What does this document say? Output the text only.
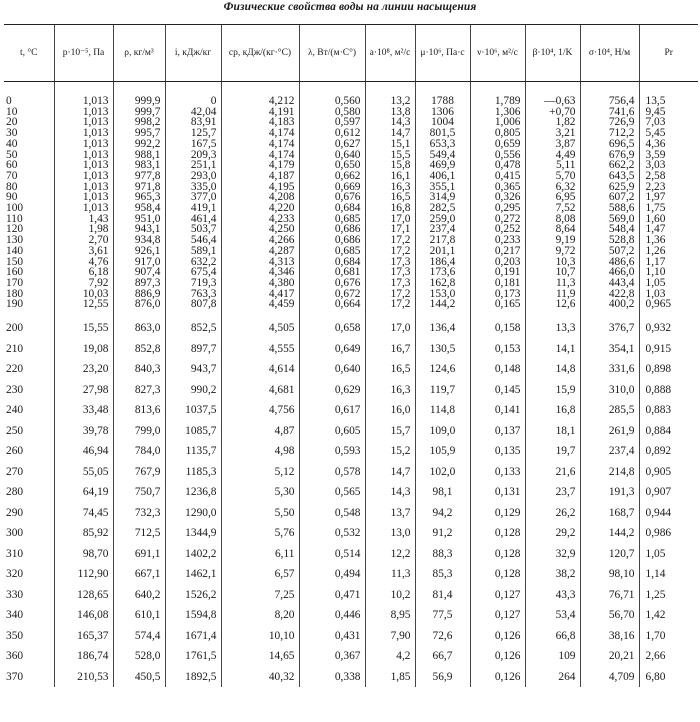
Физические свойства воды на линии насыщения
t, °C	p·10⁻⁵, Па	ρ, кг/м³	i, кДж/кг	cp, кДж/(кг·°С)	λ, Вт/(м·С°)	a·10⁸, м²/с	μ·10⁶, Па·с	ν·10⁶, м²/с	β·10⁴, 1/K	σ·10⁴, Н/м	Pr

0	1,013	999,9	0	4,212	0,560	13,2	1788	1,789	—0,63	756,4	13,5
10	1,013	999,7	42,04	4,191	0,580	13,8	1306	1,306	+0,70	741,6	9,45
20	1,013	998,2	83,91	4,183	0,597	14,3	1004	1,006	1,82	726,9	7,03
30	1,013	995,7	125,7	4,174	0,612	14,7	801,5	0,805	3,21	712,2	5,45
40	1,013	992,2	167,5	4,174	0,627	15,1	653,3	0,659	3,87	696,5	4,36
50	1,013	988,1	209,3	4,174	0,640	15,5	549,4	0,556	4,49	676,9	3,59
60	1,013	983,1	251,1	4,179	0,650	15,8	469,9	0,478	5,11	662,2	3,03
70	1,013	977,8	293,0	4,187	0,662	16,1	406,1	0,415	5,70	643,5	2,58
80	1,013	971,8	335,0	4,195	0,669	16,3	355,1	0,365	6,32	625,9	2,23
90	1,013	965,3	377,0	4,208	0,676	16,5	314,9	0,326	6,95	607,2	1,97
100	1,013	958,4	419,1	4,220	0,684	16,8	282,5	0,295	7,52	588,6	1,75
110	1,43	951,0	461,4	4,233	0,685	17,0	259,0	0,272	8,08	569,0	1,60
120	1,98	943,1	503,7	4,250	0,686	17,1	237,4	0,252	8,64	548,4	1,47
130	2,70	934,8	546,4	4,266	0,686	17,2	217,8	0,233	9,19	528,8	1,36
140	3,61	926,1	589,1	4,287	0,685	17,2	201,1	0,217	9,72	507,2	1,26
150	4,76	917,0	632,2	4,313	0,684	17,3	186,4	0,203	10,3	486,6	1,17
160	6,18	907,4	675,4	4,346	0,681	17,3	173,6	0,191	10,7	466,0	1,10
170	7,92	897,3	719,3	4,380	0,676	17,3	162,8	0,181	11,3	443,4	1,05
180	10,03	886,9	763,3	4,417	0,672	17,2	153,0	0,173	11,9	422,8	1,03
190	12,55	876,0	807,8	4,459	0,664	17,2	144,2	0,165	12,6	400,2	0,965

200	15,55	863,0	852,5	4,505	0,658	17,0	136,4	0,158	13,3	376,7	0,932
210	19,08	852,8	897,7	4,555	0,649	16,7	130,5	0,153	14,1	354,1	0,915
220	23,20	840,3	943,7	4,614	0,640	16,5	124,6	0,148	14,8	331,6	0,898
230	27,98	827,3	990,2	4,681	0,629	16,3	119,7	0,145	15,9	310,0	0,888
240	33,48	813,6	1037,5	4,756	0,617	16,0	114,8	0,141	16,8	285,5	0,883
250	39,78	799,0	1085,7	4,87	0,605	15,7	109,0	0,137	18,1	261,9	0,884
260	46,94	784,0	1135,7	4,98	0,593	15,2	105,9	0,135	19,7	237,4	0,892
270	55,05	767,9	1185,3	5,12	0,578	14,7	102,0	0,133	21,6	214,8	0,905
280	64,19	750,7	1236,8	5,30	0,565	14,3	98,1	0,131	23,7	191,3	0,907
290	74,45	732,3	1290,0	5,50	0,548	13,7	94,2	0,129	26,2	168,7	0,944
300	85,92	712,5	1344,9	5,76	0,532	13,0	91,2	0,128	29,2	144,2	0,986
310	98,70	691,1	1402,2	6,11	0,514	12,2	88,3	0,128	32,9	120,7	1,05
320	112,90	667,1	1462,1	6,57	0,494	11,3	85,3	0,128	38,2	98,10	1,14
330	128,65	640,2	1526,2	7,25	0,471	10,2	81,4	0,127	43,3	76,71	1,25
340	146,08	610,1	1594,8	8,20	0,446	8,95	77,5	0,127	53,4	56,70	1,42
350	165,37	574,4	1671,4	10,10	0,431	7,90	72,6	0,126	66,8	38,16	1,70
360	186,74	528,0	1761,5	14,65	0,367	4,2	66,7	0,126	109	20,21	2,66
370	210,53	450,5	1892,5	40,32	0,338	1,85	56,9	0,126	264	4,709	6,80
